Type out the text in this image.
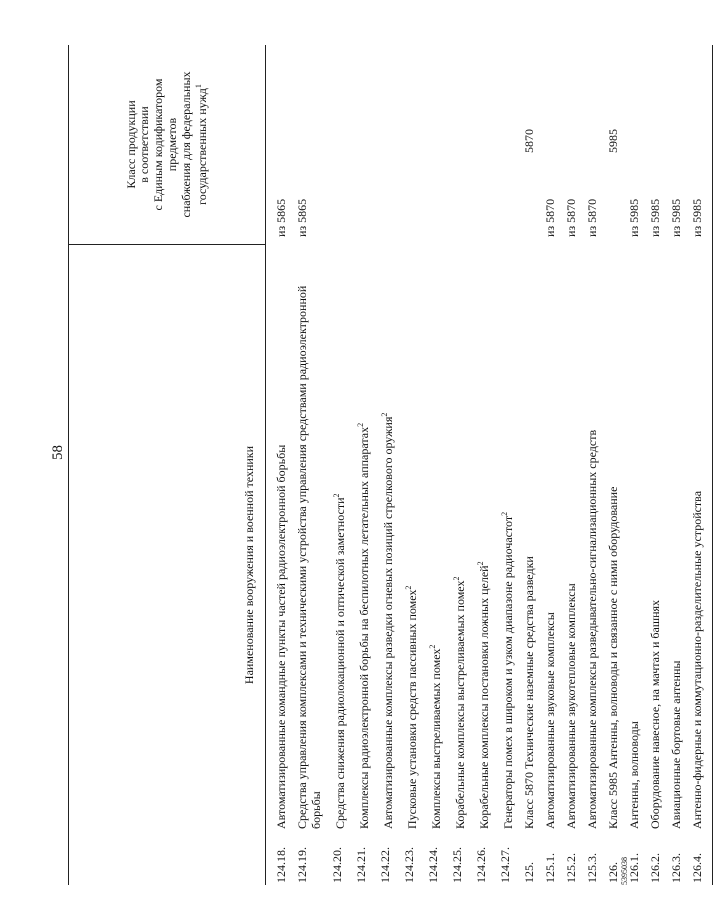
58	Наименование вооружения и военной техники
Класс продукции в соответствии с Единым кодификатором предметов снабжения для федеральных государственных нужд$^1$
124.18.
Автоматизированные командные пункты частей радиоэлектронной борьбы
из 5865
124.19.
Средства управления комплексами и техническими устройства управления средствами радиоэлектронной борьбы
из 5865
124.20.
Средства снижения радиолокационной и оптической заметности$^2$
124.21.
Комплексы радиоэлектронной борьбы на беспилотных летательных аппаратах$^2$
124.22.
Автоматизированные комплексы разведки огневых позиций стрелкового оружия$^2$
124.23.
Пусковые установки средств пассивных помех$^2$
124.24.
Комплексы выстреливаемых помех$^2$
124.25.
Корабельные комплексы выстреливаемых помех$^2$
124.26.
Корабельные комплексы постановки ложных целей$^2$
124.27.
Генераторы помех в широком и узком диапазоне радиочастот$^2$
125.
Класс 5870 Технические наземные средства разведки
5870
125.1.
Автоматизированные звуковые комплексы
из 5870
125.2.
Автоматизированные звукотепловые комплексы
из 5870
125.3.
Автоматизированные комплексы разведывательно-сигнализационных средств
из 5870
126.
Класс 5985 Антенны, волноводы и связанное с ними оборудование
5985
126.1.
Антенны, волноводы
из 5985
126.2.
Оборудование навесное, на мачтах и башнях
из 5985
126.3.
Авиационные бортовые антенны
из 5985
126.4.
Антенно-фидерные и коммутационно-разделительные устройства
из 5985
5395038
